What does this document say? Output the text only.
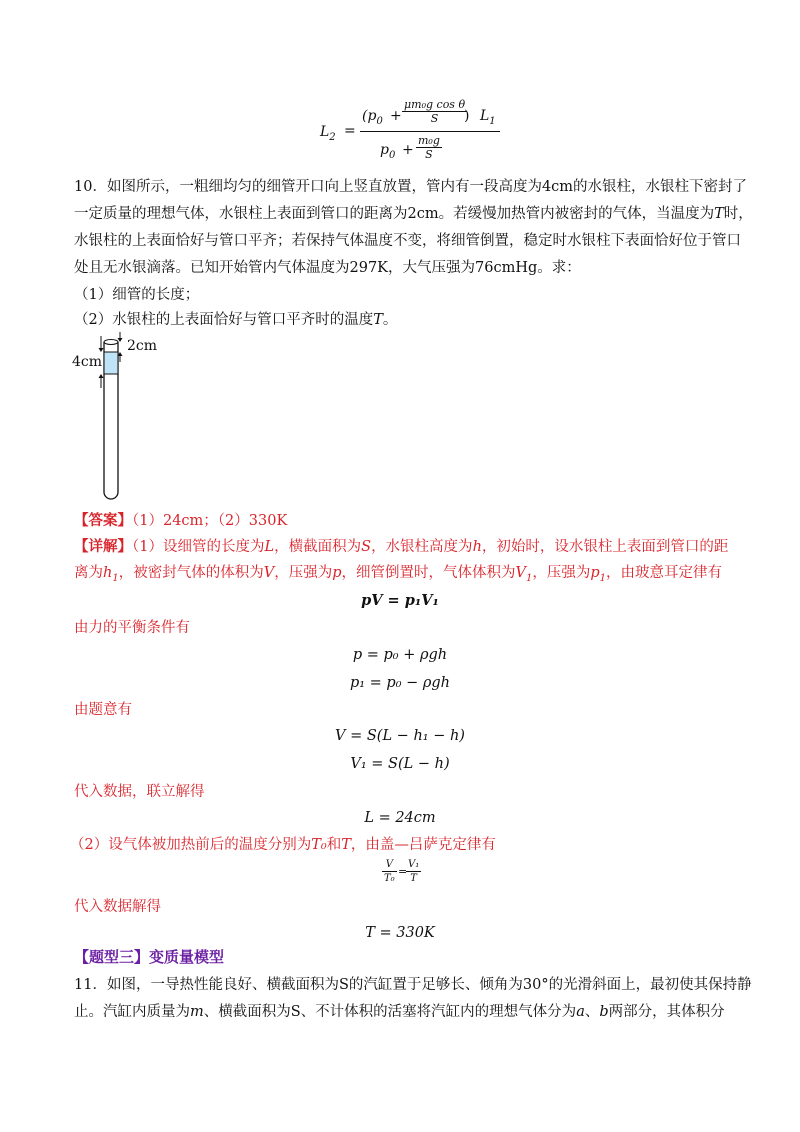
$L_2$ =
($p_0 + \frac{\text{μm₀g cos θ}}{S}$
) $L_1$
$p_0 + \frac{\text{m₀g}}{S}$
10．如图所示，一粗细均匀的细管开口向上竖直放置，管内有一段高度为4cm的水银柱，水银柱下密封了
一定质量的理想气体，水银柱上表面到管口的距离为2cm。若缓慢加热管内被密封的气体，当温度为T时，
水银柱的上表面恰好与管口平齐；若保持气体温度不变，将细管倒置，稳定时水银柱下表面恰好位于管口
处且无水银滴落。已知开始管内气体温度为297K，大气压强为76cmHg。求：
（1）细管的长度；
（2）水银柱的上表面恰好与管口平齐时的温度T。
2cm
4cm
【答案】（1）24cm；（2）330K
【详解】（1）设细管的长度为L，横截面积为S，水银柱高度为h，初始时，设水银柱上表面到管口的距
离为$h_1$，被密封气体的体积为V，压强为p，细管倒置时，气体体积为$V_1$，压强为$p_1$，由玻意耳定律有
pV = p₁V₁
由力的平衡条件有
p = p₀ + ρgh
p₁ = p₀ − ρgh
由题意有
V = S(L − h₁ − h)
V₁ = S(L − h)
代入数据，联立解得
L = 24cm
（2）设气体被加热前后的温度分别为T₀和T，由盖—吕萨克定律有
$\frac{V}{\text{T₀}}$ =
$\frac{\text{V₁}}{T}$
代入数据解得
T = 330K
【题型三】变质量模型
11．如图，一导热性能良好、横截面积为S的汽缸置于足够长、倾角为30°的光滑斜面上，最初使其保持静
止。汽缸内质量为m、横截面积为S、不计体积的活塞将汽缸内的理想气体分为a、b两部分，其体积分
